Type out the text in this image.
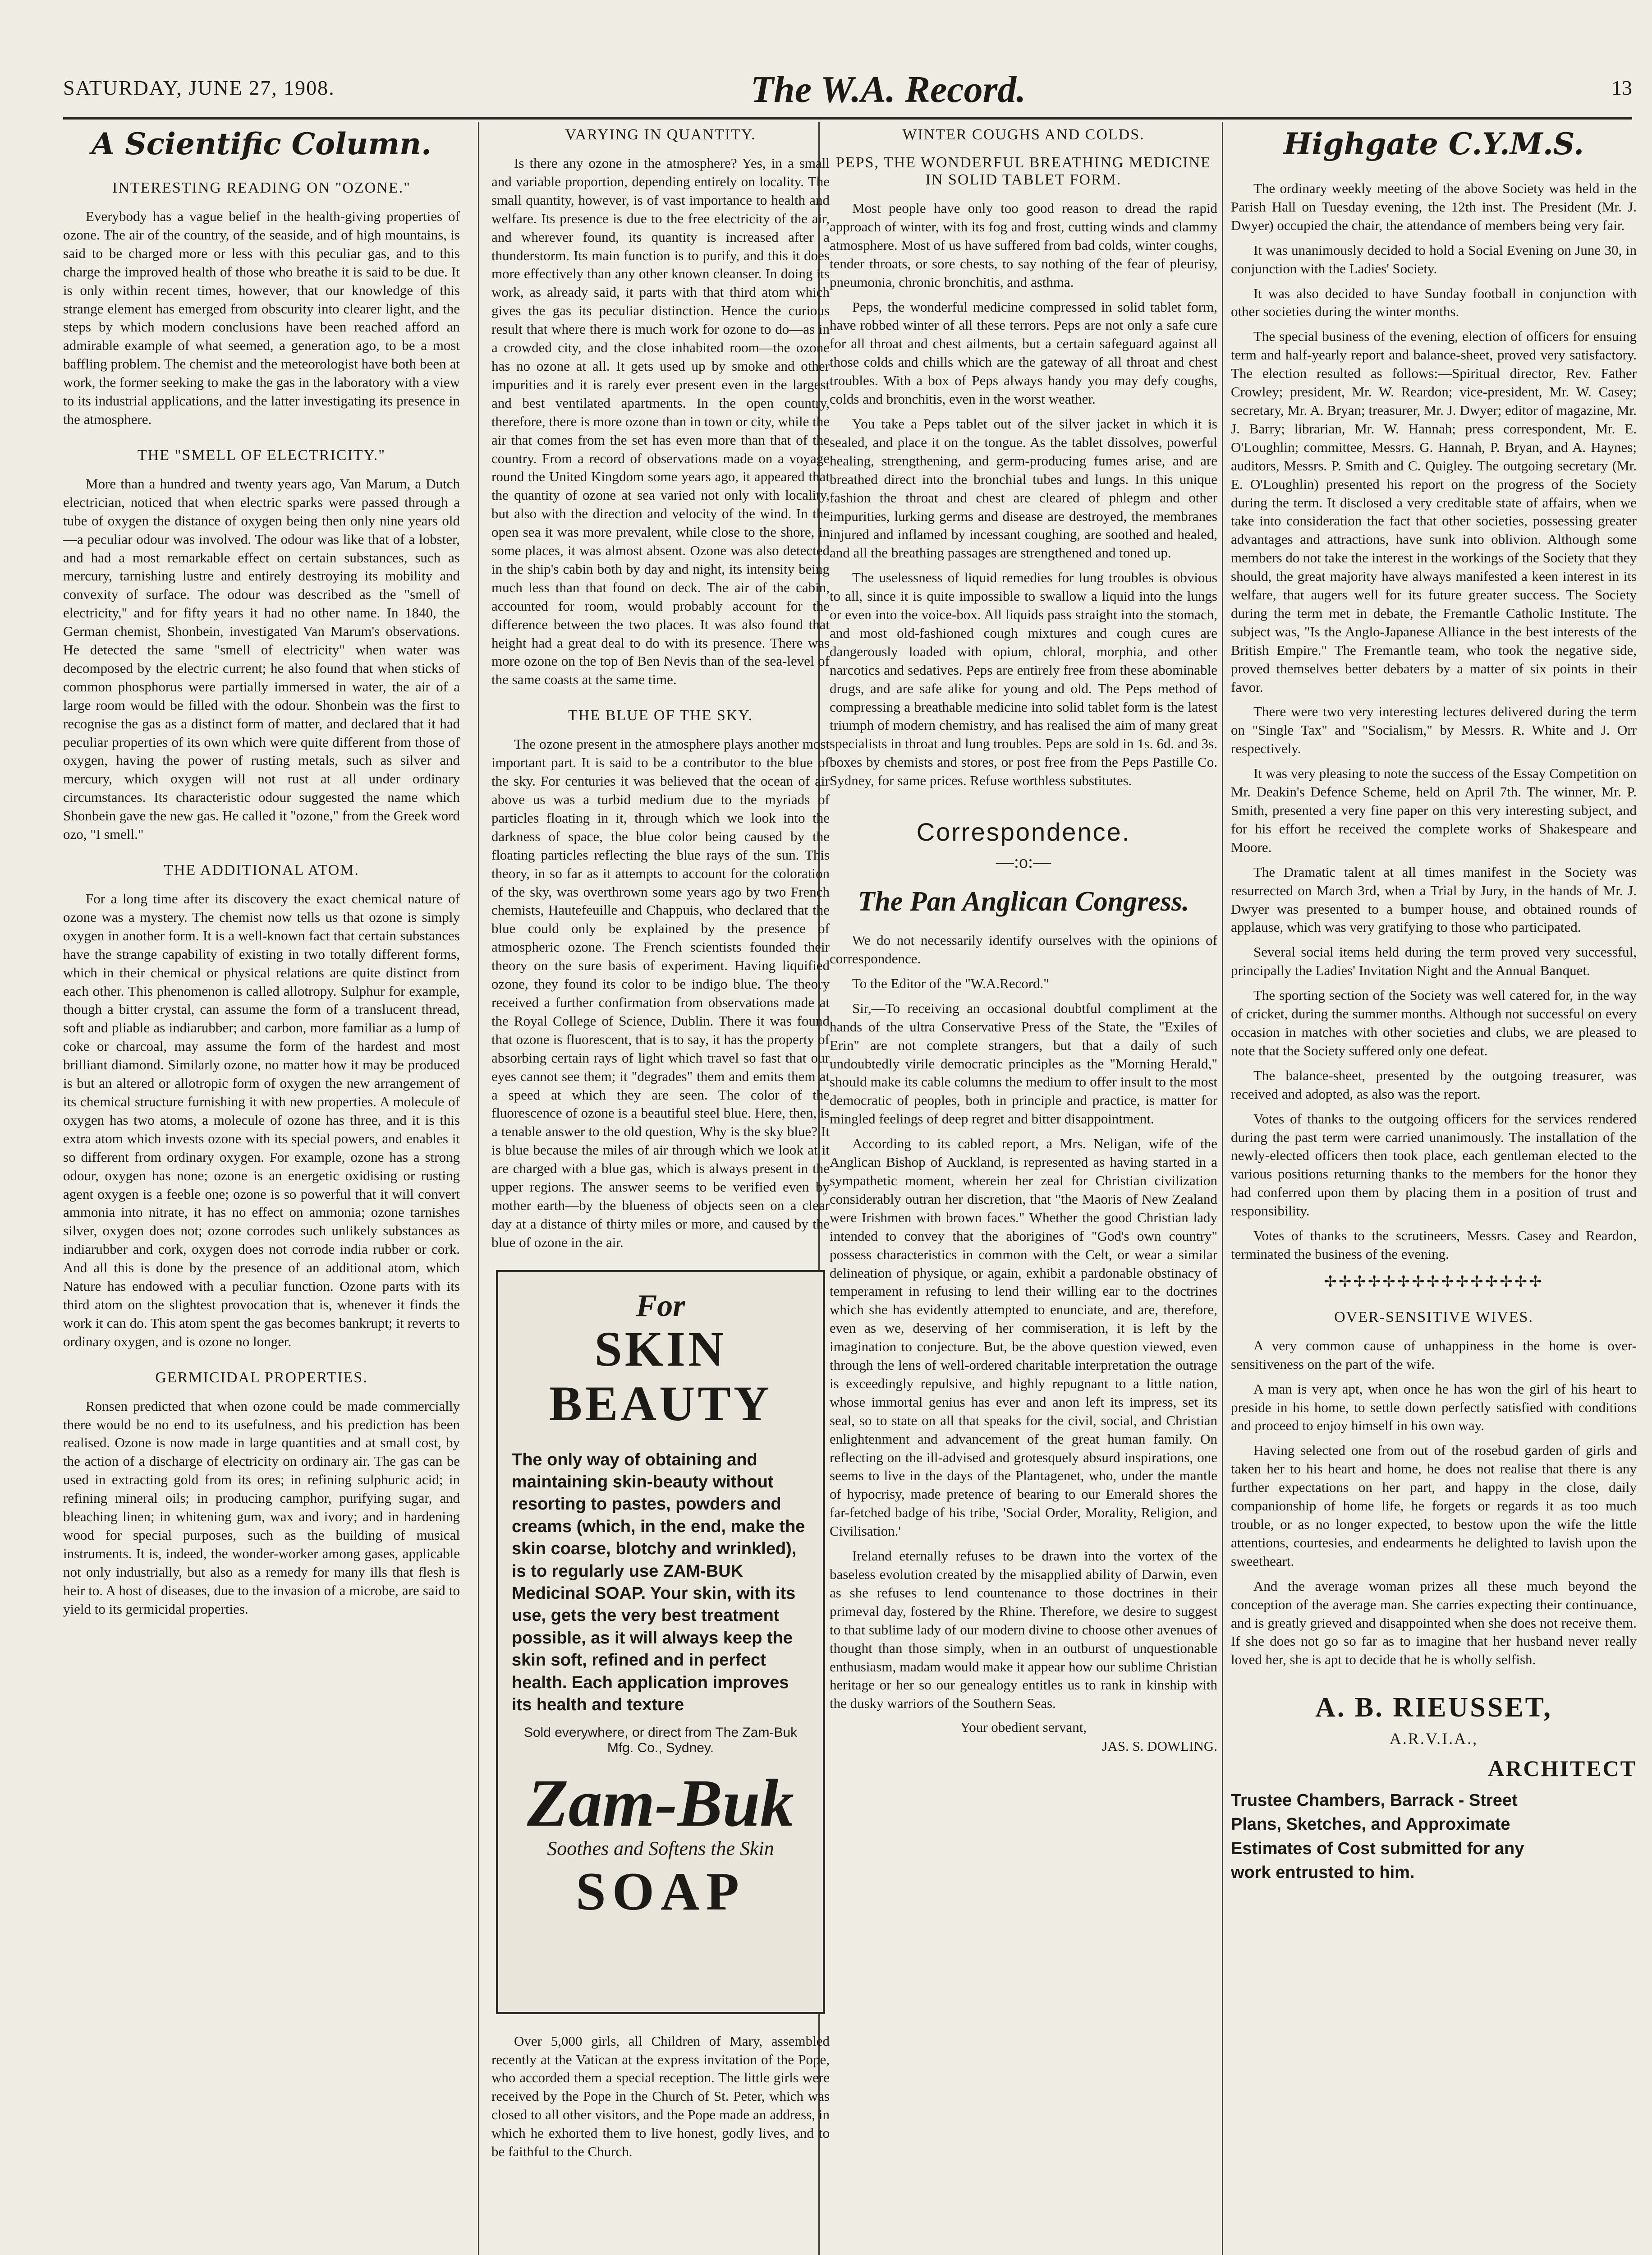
SATURDAY, JUNE 27, 1908.	The W.A. Record.	13
A Scientific Column.
INTERESTING READING ON "OZONE."

Everybody has a vague belief in the health-giving properties of ozone. The air of the country, of the seaside, and of high mountains, is said to be charged more or less with this peculiar gas, and to this charge the improved health of those who breathe it is said to be due. It is only within recent times, however, that our knowledge of this strange element has emerged from obscurity into clearer light, and the steps by which modern conclusions have been reached afford an admirable example of what seemed, a generation ago, to be a most baffling problem. The chemist and the meteorologist have both been at work, the former seeking to make the gas in the laboratory with a view to its industrial applications, and the latter investigating its presence in the atmosphere.

THE "SMELL OF ELECTRICITY."

More than a hundred and twenty years ago, Van Marum, a Dutch electrician, noticed that when electric sparks were passed through a tube of oxygen the distance of oxygen being then only nine years old—a peculiar odour was involved. The odour was like that of a lobster, and had a most remarkable effect on certain substances, such as mercury, tarnishing lustre and entirely destroying its mobility and convexity of surface. The odour was described as the "smell of electricity," and for fifty years it had no other name. In 1840, the German chemist, Shonbein, investigated Van Marum's observations. He detected the same "smell of electricity" when water was decomposed by the electric current; he also found that when sticks of common phosphorus were partially immersed in water, the air of a large room would be filled with the odour. Shonbein was the first to recognise the gas as a distinct form of matter, and declared that it had peculiar properties of its own which were quite different from those of oxygen, having the power of rusting metals, such as silver and mercury, which oxygen will not rust at all under ordinary circumstances. Its characteristic odour suggested the name which Shonbein gave the new gas. He called it "ozone," from the Greek word ozo, "I smell."

THE ADDITIONAL ATOM.

For a long time after its discovery the exact chemical nature of ozone was a mystery. The chemist now tells us that ozone is simply oxygen in another form. It is a well-known fact that certain substances have the strange capability of existing in two totally different forms, which in their chemical or physical relations are quite distinct from each other. This phenomenon is called allotropy. Sulphur for example, though a bitter crystal, can assume the form of a translucent thread, soft and pliable as indiarubber; and carbon, more familiar as a lump of coke or charcoal, may assume the form of the hardest and most brilliant diamond. Similarly ozone, no matter how it may be produced is but an altered or allotropic form of oxygen the new arrangement of its chemical structure furnishing it with new properties. A molecule of oxygen has two atoms, a molecule of ozone has three, and it is this extra atom which invests ozone with its special powers, and enables it so different from ordinary oxygen. For example, ozone has a strong odour, oxygen has none; ozone is an energetic oxidising or rusting agent oxygen is a feeble one; ozone is so powerful that it will convert ammonia into nitrate, it has no effect on ammonia; ozone tarnishes silver, oxygen does not; ozone corrodes such unlikely substances as indiarubber and cork, oxygen does not corrode india rubber or cork. And all this is done by the presence of an additional atom, which Nature has endowed with a peculiar function. Ozone parts with its third atom on the slightest provocation that is, whenever it finds the work it can do. This atom spent the gas becomes bankrupt; it reverts to ordinary oxygen, and is ozone no longer.

GERMICIDAL PROPERTIES.

Ronsen predicted that when ozone could be made commercially there would be no end to its usefulness, and his prediction has been realised. Ozone is now made in large quantities and at small cost, by the action of a discharge of electricity on ordinary air. The gas can be used in extracting gold from its ores; in refining sulphuric acid; in refining mineral oils; in producing camphor, purifying sugar, and bleaching linen; in whitening gum, wax and ivory; and in hardening wood for special purposes, such as the building of musical instruments. It is, indeed, the wonder-worker among gases, applicable not only industrially, but also as a remedy for many ills that flesh is heir to. A host of diseases, due to the invasion of a microbe, are said to yield to its germicidal properties.

VARYING IN QUANTITY.

Is there any ozone in the atmosphere? Yes, in a small and variable proportion, depending entirely on locality. The small quantity, however, is of vast importance to health and welfare. Its presence is due to the free electricity of the air, and wherever found, its quantity is increased after a thunderstorm. Its main function is to purify, and this it does more effectively than any other known cleanser. In doing its work, as already said, it parts with that third atom which gives the gas its peculiar distinction. Hence the curious result that where there is much work for ozone to do—as in a crowded city, and the close inhabited room—the ozone has no ozone at all. It gets used up by smoke and other impurities and it is rarely ever present even in the largest and best ventilated apartments. In the open country, therefore, there is more ozone than in town or city, while the air that comes from the set has even more than that of the country. From a record of observations made on a voyage round the United Kingdom some years ago, it appeared that the quantity of ozone at sea varied not only with locality, but also with the direction and velocity of the wind. In the open sea it was more prevalent, while close to the shore, in some places, it was almost absent. Ozone was also detected in the ship's cabin both by day and night, its intensity being much less than that found on deck. The air of the cabin, accounted for room, would probably account for the difference between the two places. It was also found that height had a great deal to do with its presence. There was more ozone on the top of Ben Nevis than of the sea-level of the same coasts at the same time.

THE BLUE OF THE SKY.

The ozone present in the atmosphere plays another most important part. It is said to be a contributor to the blue of the sky. For centuries it was believed that the ocean of air above us was a turbid medium due to the myriads of particles floating in it, through which we look into the darkness of space, the blue color being caused by the floating particles reflecting the blue rays of the sun. This theory, in so far as it attempts to account for the coloration of the sky, was overthrown some years ago by two French chemists, Hautefeuille and Chappuis, who declared that the blue could only be explained by the presence of atmospheric ozone. The French scientists founded their theory on the sure basis of experiment. Having liquified ozone, they found its color to be indigo blue. The theory received a further confirmation from observations made at the Royal College of Science, Dublin. There it was found that ozone is fluorescent, that is to say, it has the property of absorbing certain rays of light which travel so fast that our eyes cannot see them; it "degrades" them and emits them at a speed at which they are seen. The color of the fluorescence of ozone is a beautiful steel blue. Here, then, is a tenable answer to the old question, Why is the sky blue? It is blue because the miles of air through which we look at it are charged with a blue gas, which is always present in the upper regions. The answer seems to be verified even by mother earth—by the blueness of objects seen on a clear day at a distance of thirty miles or more, and caused by the blue of ozone in the air.

For
SKIN BEAUTY
The only way of obtaining and maintaining skin-beauty without resorting to pastes, powders and creams (which, in the end, make the skin coarse, blotchy and wrinkled), is to regularly use ZAM-BUK Medicinal SOAP. Your skin, with its use, gets the very best treatment possible, as it will always keep the skin soft, refined and in perfect health. Each application improves its health and texture
Sold everywhere, or direct from The Zam-Buk Mfg. Co., Sydney.
Zam-Buk
Soothes and Softens the Skin
SOAP

Over 5,000 girls, all Children of Mary, assembled recently at the Vatican at the express invitation of the Pope, who accorded them a special reception. The little girls were received by the Pope in the Church of St. Peter, which was closed to all other visitors, and the Pope made an address, in which he exhorted them to live honest, godly lives, and to be faithful to the Church.

WINTER COUGHS AND COLDS.
PEPS, THE WONDERFUL BREATHING MEDICINE IN SOLID TABLET FORM.

Most people have only too good reason to dread the rapid approach of winter, with its fog and frost, cutting winds and clammy atmosphere. Most of us have suffered from bad colds, winter coughs, tender throats, or sore chests, to say nothing of the fear of pleurisy, pneumonia, chronic bronchitis, and asthma.

Peps, the wonderful medicine compressed in solid tablet form, have robbed winter of all these terrors. Peps are not only a safe cure for all throat and chest ailments, but a certain safeguard against all those colds and chills which are the gateway of all throat and chest troubles. With a box of Peps always handy you may defy coughs, colds and bronchitis, even in the worst weather.

You take a Peps tablet out of the silver jacket in which it is sealed, and place it on the tongue. As the tablet dissolves, powerful healing, strengthening, and germ-producing fumes arise, and are breathed direct into the bronchial tubes and lungs. In this unique fashion the throat and chest are cleared of phlegm and other impurities, lurking germs and disease are destroyed, the membranes injured and inflamed by incessant coughing, are soothed and healed, and all the breathing passages are strengthened and toned up.

The uselessness of liquid remedies for lung troubles is obvious to all, since it is quite impossible to swallow a liquid into the lungs or even into the voice-box. All liquids pass straight into the stomach, and most old-fashioned cough mixtures and cough cures are dangerously loaded with opium, chloral, morphia, and other narcotics and sedatives. Peps are entirely free from these abominable drugs, and are safe alike for young and old. The Peps method of compressing a breathable medicine into solid tablet form is the latest triumph of modern chemistry, and has realised the aim of many great specialists in throat and lung troubles. Peps are sold in 1s. 6d. and 3s. boxes by chemists and stores, or post free from the Peps Pastille Co. Sydney, for same prices. Refuse worthless substitutes.

Correspondence.
—:o:—
The Pan Anglican Congress.

We do not necessarily identify ourselves with the opinions of correspondence.

To the Editor of the "W.A.Record."

Sir,—To receiving an occasional doubtful compliment at the hands of the ultra Conservative Press of the State, the "Exiles of Erin" are not complete strangers, but that a daily of such undoubtedly virile democratic principles as the "Morning Herald," should make its cable columns the medium to offer insult to the most democratic of peoples, both in principle and practice, is matter for mingled feelings of deep regret and bitter disappointment.

According to its cabled report, a Mrs. Neligan, wife of the Anglican Bishop of Auckland, is represented as having started in a sympathetic moment, wherein her zeal for Christian civilization considerably outran her discretion, that "the Maoris of New Zealand were Irishmen with brown faces." Whether the good Christian lady intended to convey that the aborigines of "God's own country" possess characteristics in common with the Celt, or wear a similar delineation of physique, or again, exhibit a pardonable obstinacy of temperament in refusing to lend their willing ear to the doctrines which she has evidently attempted to enunciate, and are, therefore, even as we, deserving of her commiseration, it is left by the imagination to conjecture. But, be the above question viewed, even through the lens of well-ordered charitable interpretation the outrage is exceedingly repulsive, and highly repugnant to a little nation, whose immortal genius has ever and anon left its impress, set its seal, so to state on all that speaks for the civil, social, and Christian enlightenment and advancement of the great human family. On reflecting on the ill-advised and grotesquely absurd inspirations, one seems to live in the days of the Plantagenet, who, under the mantle of hypocrisy, made pretence of bearing to our Emerald shores the far-fetched badge of his tribe, 'Social Order, Morality, Religion, and Civilisation.'

Ireland eternally refuses to be drawn into the vortex of the baseless evolution created by the misapplied ability of Darwin, even as she refuses to lend countenance to those doctrines in their primeval day, fostered by the Rhine. Therefore, we desire to suggest to that sublime lady of our modern divine to choose other avenues of thought than those simply, when in an outburst of unquestionable enthusiasm, madam would make it appear how our sublime Christian heritage or her so our genealogy entitles us to rank in kinship with the dusky warriors of the Southern Seas.

Your obedient servant,
JAS. S. DOWLING.
Highgate C.Y.M.S.

The ordinary weekly meeting of the above Society was held in the Parish Hall on Tuesday evening, the 12th inst. The President (Mr. J. Dwyer) occupied the chair, the attendance of members being very fair.

It was unanimously decided to hold a Social Evening on June 30, in conjunction with the Ladies' Society.

It was also decided to have Sunday football in conjunction with other societies during the winter months.

The special business of the evening, election of officers for ensuing term and half-yearly report and balance-sheet, proved very satisfactory. The election resulted as follows:—Spiritual director, Rev. Father Crowley; president, Mr. W. Reardon; vice-president, Mr. W. Casey; secretary, Mr. A. Bryan; treasurer, Mr. J. Dwyer; editor of magazine, Mr. J. Barry; librarian, Mr. W. Hannah; press correspondent, Mr. E. O'Loughlin; committee, Messrs. G. Hannah, P. Bryan, and A. Haynes; auditors, Messrs. P. Smith and C. Quigley. The outgoing secretary (Mr. E. O'Loughlin) presented his report on the progress of the Society during the term. It disclosed a very creditable state of affairs, when we take into consideration the fact that other societies, possessing greater advantages and attractions, have sunk into oblivion. Although some members do not take the interest in the workings of the Society that they should, the great majority have always manifested a keen interest in its welfare, that augers well for its future greater success. The Society during the term met in debate, the Fremantle Catholic Institute. The subject was, "Is the Anglo-Japanese Alliance in the best interests of the British Empire." The Fremantle team, who took the negative side, proved themselves better debaters by a matter of six points in their favor.

There were two very interesting lectures delivered during the term on "Single Tax" and "Socialism," by Messrs. R. White and J. Orr respectively.

It was very pleasing to note the success of the Essay Competition on Mr. Deakin's Defence Scheme, held on April 7th. The winner, Mr. P. Smith, presented a very fine paper on this very interesting subject, and for his effort he received the complete works of Shakespeare and Moore.

The Dramatic talent at all times manifest in the Society was resurrected on March 3rd, when a Trial by Jury, in the hands of Mr. J. Dwyer was presented to a bumper house, and obtained rounds of applause, which was very gratifying to those who participated.

Several social items held during the term proved very successful, principally the Ladies' Invitation Night and the Annual Banquet.

The sporting section of the Society was well catered for, in the way of cricket, during the summer months. Although not successful on every occasion in matches with other societies and clubs, we are pleased to note that the Society suffered only one defeat.

The balance-sheet, presented by the outgoing treasurer, was received and adopted, as also was the report.

Votes of thanks to the outgoing officers for the services rendered during the past term were carried unanimously. The installation of the newly-elected officers then took place, each gentleman elected to the various positions returning thanks to the members for the honor they had conferred upon them by placing them in a position of trust and responsibility.

Votes of thanks to the scrutineers, Messrs. Casey and Reardon, terminated the business of the evening.

✢✢✢✢✢✢✢✢✢✢✢✢✢✢✢
OVER-SENSITIVE WIVES.

A very common cause of unhappiness in the home is over-sensitiveness on the part of the wife.

A man is very apt, when once he has won the girl of his heart to preside in his home, to settle down perfectly satisfied with conditions and proceed to enjoy himself in his own way.

Having selected one from out of the rosebud garden of girls and taken her to his heart and home, he does not realise that there is any further expectations on her part, and happy in the close, daily companionship of home life, he forgets or regards it as too much trouble, or as no longer expected, to bestow upon the wife the little attentions, courtesies, and endearments he delighted to lavish upon the sweetheart.

And the average woman prizes all these much beyond the conception of the average man. She carries expecting their continuance, and is greatly grieved and disappointed when she does not receive them. If she does not go so far as to imagine that her husband never really loved her, she is apt to decide that he is wholly selfish.

A. B. RIEUSSET,
A.R.V.I.A.,
ARCHITECT
Trustee Chambers, Barrack - Street
Plans, Sketches, and Approximate
Estimates of Cost submitted for any
work entrusted to him.
